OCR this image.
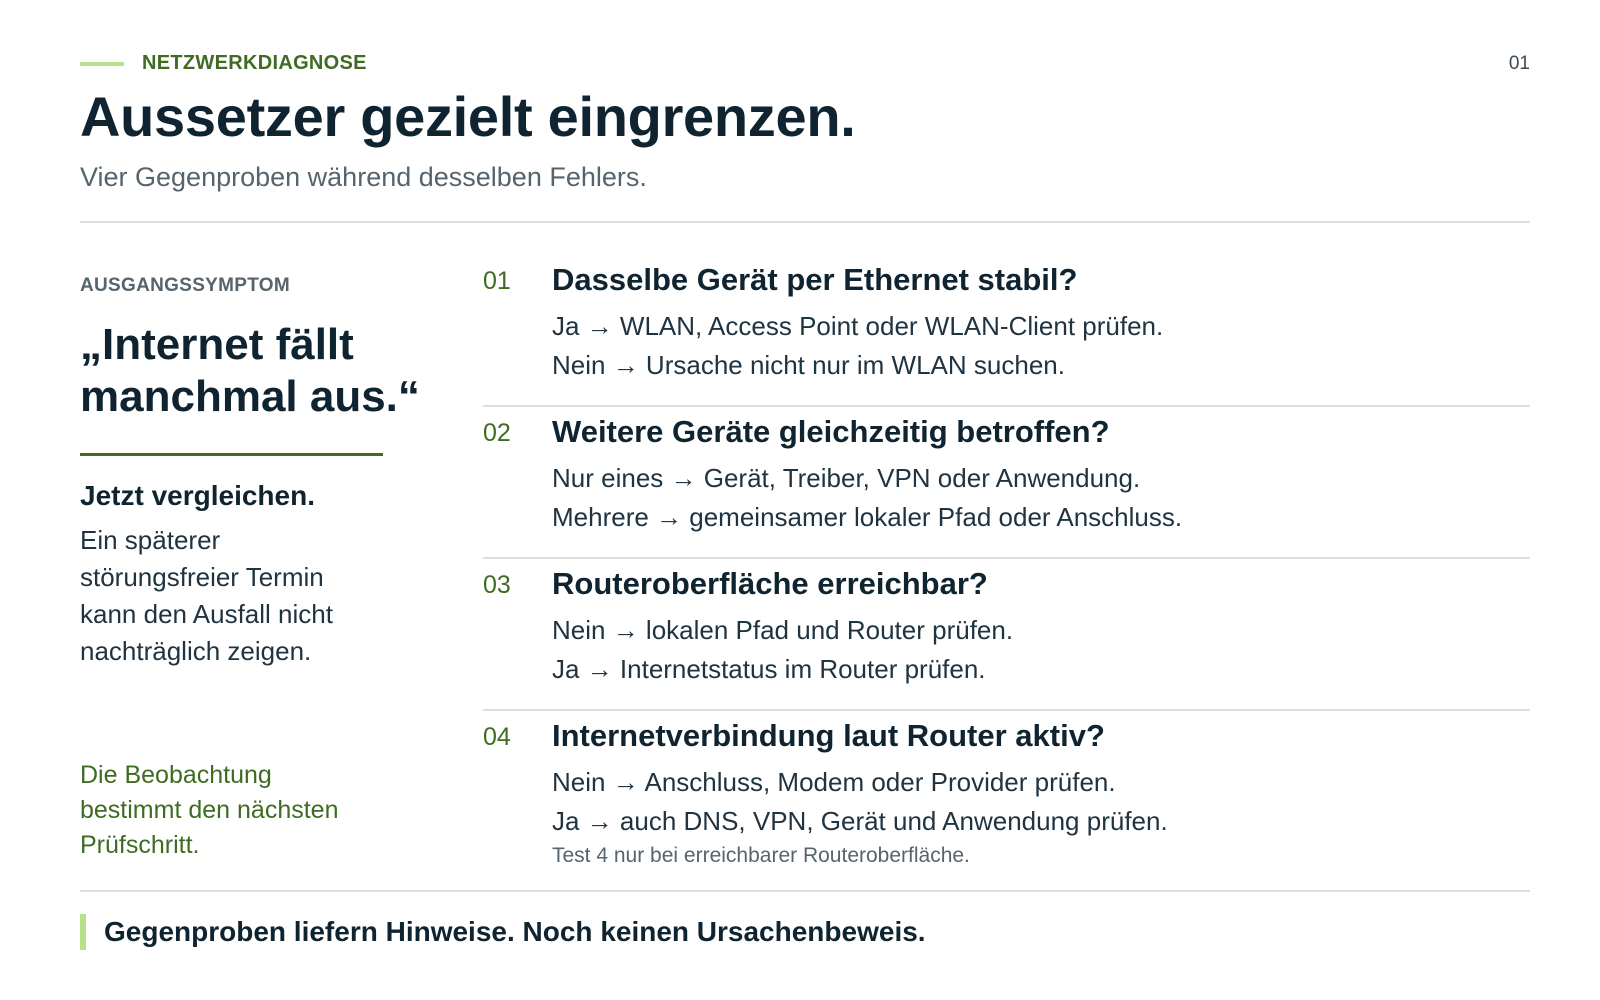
NETZWERKDIAGNOSE	01
Aussetzer gezielt eingrenzen.
Vier Gegenproben während desselben Fehlers.
AUSGANGSSYMPTOM
„Internet fällt manchmal aus.“
Jetzt vergleichen.
Ein späterer störungsfreier Termin kann den Ausfall nicht nachträglich zeigen.
Die Beobachtung bestimmt den nächsten Prüfschritt.
01 Dasselbe Gerät per Ethernet stabil?
Ja → WLAN, Access Point oder WLAN-Client prüfen.
Nein → Ursache nicht nur im WLAN suchen.
02 Weitere Geräte gleichzeitig betroffen?
Nur eines → Gerät, Treiber, VPN oder Anwendung.
Mehrere → gemeinsamer lokaler Pfad oder Anschluss.
03 Routeroberfläche erreichbar?
Nein → lokalen Pfad und Router prüfen.
Ja → Internetstatus im Router prüfen.
04 Internetverbindung laut Router aktiv?
Nein → Anschluss, Modem oder Provider prüfen.
Ja → auch DNS, VPN, Gerät und Anwendung prüfen.
Test 4 nur bei erreichbarer Routeroberfläche.
Gegenproben liefern Hinweise. Noch keinen Ursachenbeweis.
